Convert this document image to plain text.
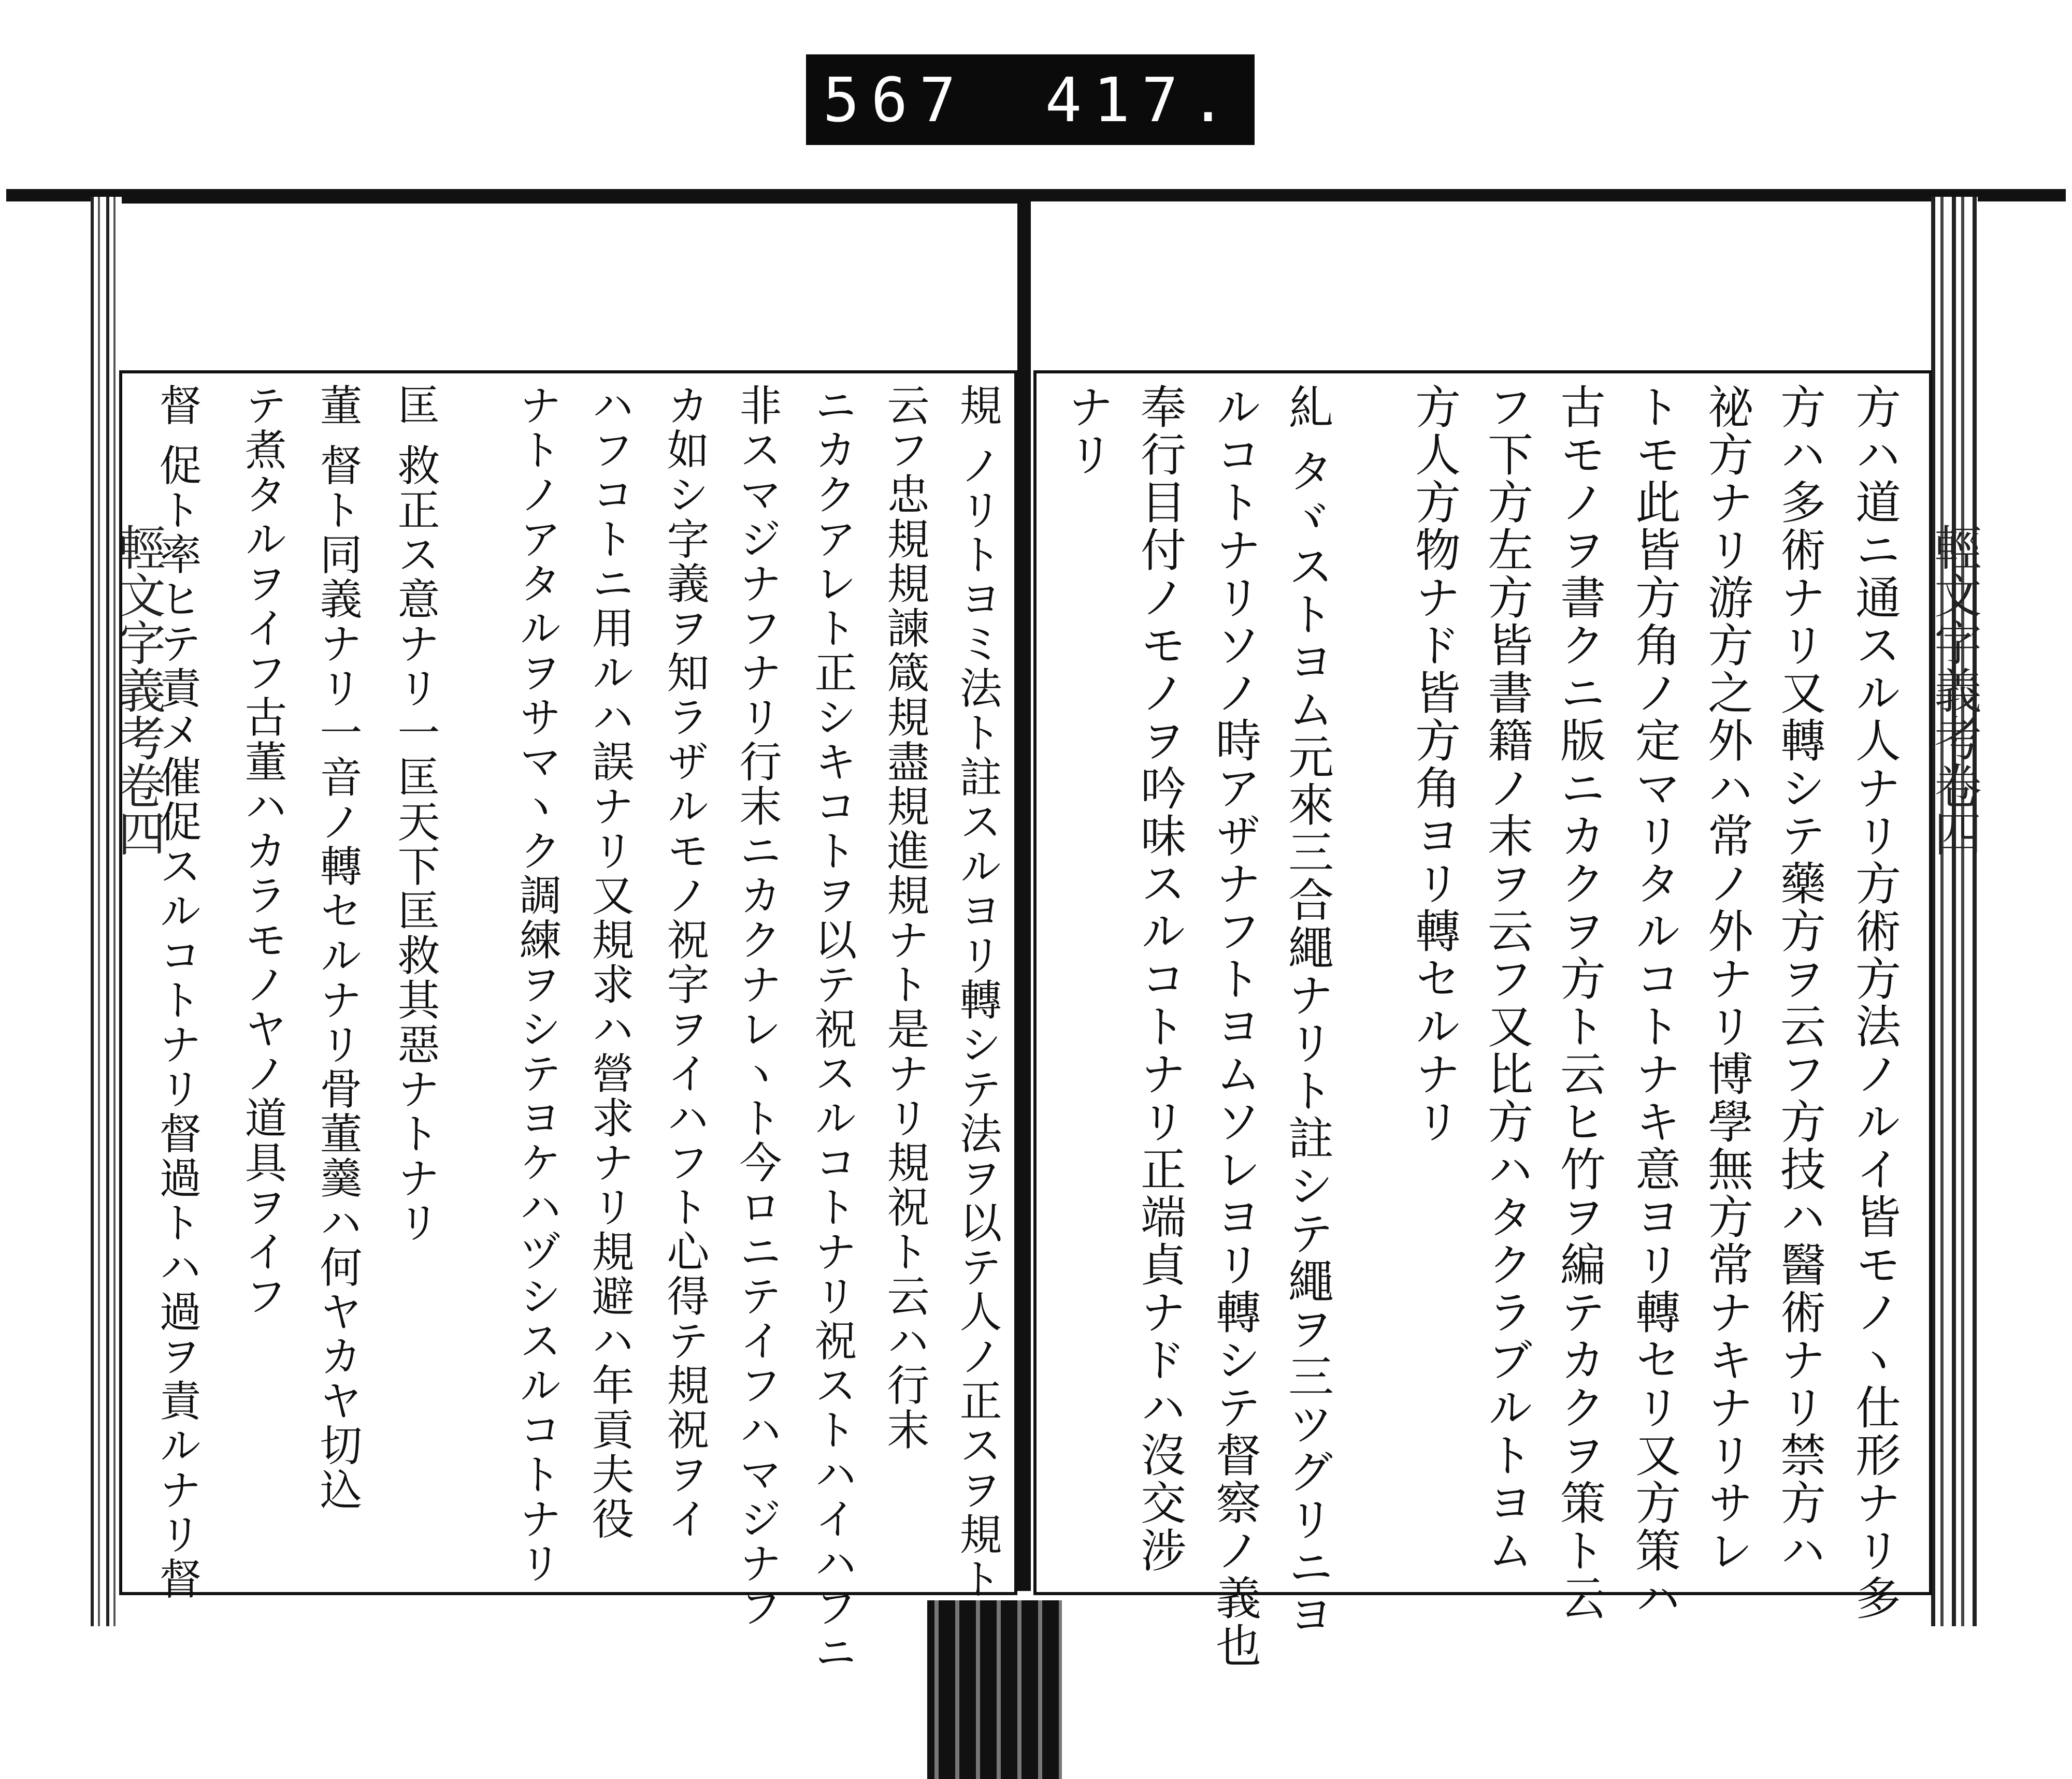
567 417.
輕文字義考卷四	輕文字義考卷四
方ハ道ニ通スル人ナリ方術方法ノルイ皆モノヽ仕形ナリ多
方ハ多術ナリ又轉シテ藥方ヲ云フ方技ハ醫術ナリ禁方ハ
祕方ナリ游方之外ハ常ノ外ナリ博學無方常ナキナリサレ
トモ此皆方角ノ定マリタルコトナキ意ヨリ轉セリ又方策ハ
古モノヲ書クニ版ニカクヲ方ト云ヒ竹ヲ編テカクヲ策ト云
フ下方左方皆書籍ノ末ヲ云フ又比方ハタクラブルトヨム
方人方物ナド皆方角ヨリ轉セルナリ
糺 タヾストヨム元來三合繩ナリト註シテ繩ヲ三ツグリニヨ
ルコトナリソノ時アザナフトヨムソレヨリ轉シテ督察ノ義也
奉行目付ノモノヲ吟味スルコトナリ正端貞ナドハ沒交涉
ナリ
規 ノリトヨミ法ト註スルヨリ轉シテ法ヲ以テ人ノ正スヲ規ト
云フ忠規規諫箴規盡規進規ナト是ナリ規祝ト云ハ行末
ニカクアレト正シキコトヲ以テ祝スルコトナリ祝ストハイハフニ
非スマジナフナリ行末ニカクナレヽト今ロニテイフハマジナフ
カ如シ字義ヲ知ラザルモノ祝字ヲイハフト心得テ規祝ヲイ
ハフコトニ用ルハ誤ナリ又規求ハ營求ナリ規避ハ年貢夫役
ナトノアタルヲサマヽク調練ヲシテヨケハヅシスルコトナリ
匡 救正ス意ナリ一匡天下匡救其惡ナトナリ
董 督ト同義ナリ一音ノ轉セルナリ骨董羹ハ何ヤカヤ切込
テ煮タルヲイフ古董ハカラモノヤノ道具ヲイフ
督 促ト率ヒテ責メ催促スルコトナリ督過トハ過ヲ責ルナリ督
